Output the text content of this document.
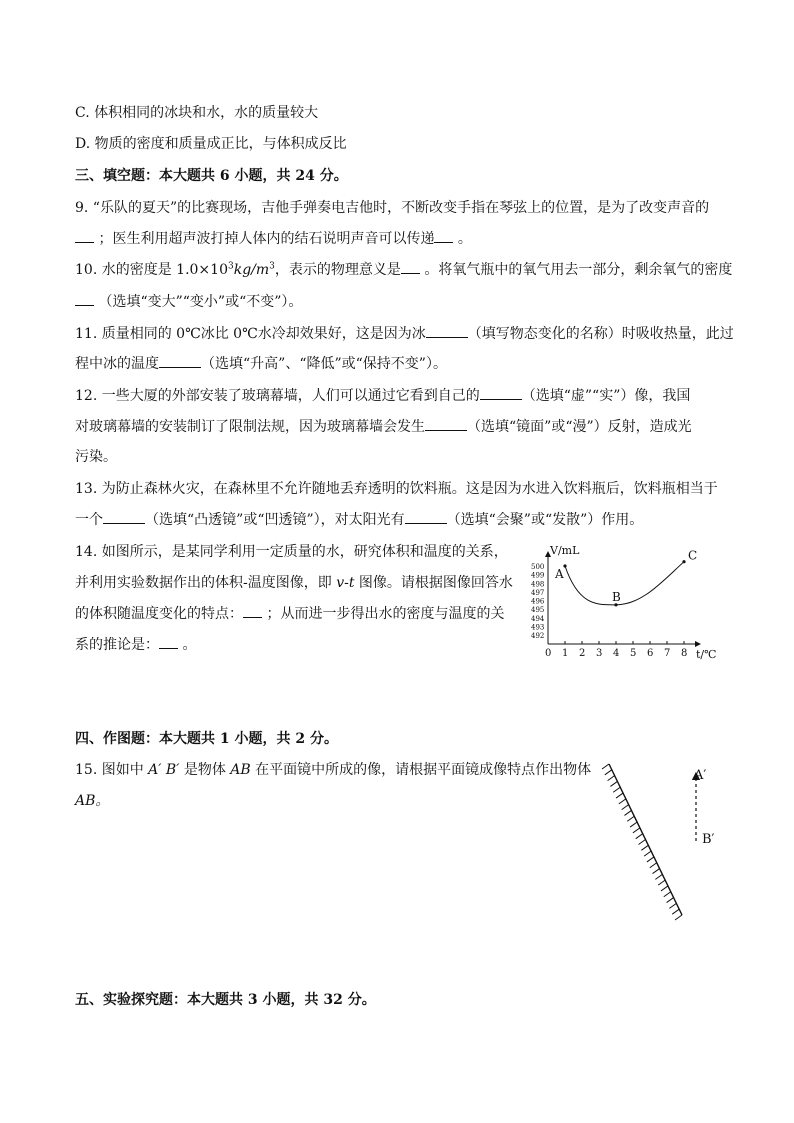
C. 体积相同的冰块和水，水的质量较大
D. 物质的密度和质量成正比，与体积成反比
三、填空题：本大题共 6 小题，共 24 分。
9. “乐队的夏天”的比赛现场，吉他手弹奏电吉他时，不断改变手指在琴弦上的位置，是为了改变声音的
；医生利用超声波打掉人体内的结石说明声音可以传递 。
10. 水的密度是 $1.0\times 10^3kg/m^3$，表示的物理意义是 。将氧气瓶中的氧气用去一部分，剩余氧气的密度
（选填“变大”“变小”或“不变”）。
11. 质量相同的 0℃冰比 0℃水冷却效果好，这是因为冰	（填写物态变化的名称）时吸收热量，此过
程中冰的温度	（选填“升高”、“降低”或“保持不变”）。
12. 一些大厦的外部安装了玻璃幕墙，人们可以通过它看到自己的	（选填“虚”“实”）像，我国
对玻璃幕墙的安装制订了限制法规，因为玻璃幕墙会发生	（选填“镜面”或“漫”）反射，造成光
污染。
13. 为防止森林火灾，在森林里不允许随地丢弃透明的饮料瓶。这是因为水进入饮料瓶后，饮料瓶相当于
一个	（选填“凸透镜”或“凹透镜”），对太阳光有	（选填“会聚”或“发散”）作用。
14. 如图所示，是某同学利用一定质量的水，研究体积和温度的关系，
并利用实验数据作出的体积-温度图像，即 v-t 图像。请根据图像回答水
的体积随温度变化的特点： ；从而进一步得出水的密度与温度的关
系的推论是： 。
V/mL
t/℃
0 1 2 3 4 5 6 7 8
492
493
494
495
496
497
498
499
500 A
B
C
四、作图题：本大题共 1 小题，共 2 分。
15. 图如中 A′ B′ 是物体 AB 在平面镜中所成的像，请根据平面镜成像特点作出物体
AB。
A′
B′
五、实验探究题：本大题共 3 小题，共 32 分。
